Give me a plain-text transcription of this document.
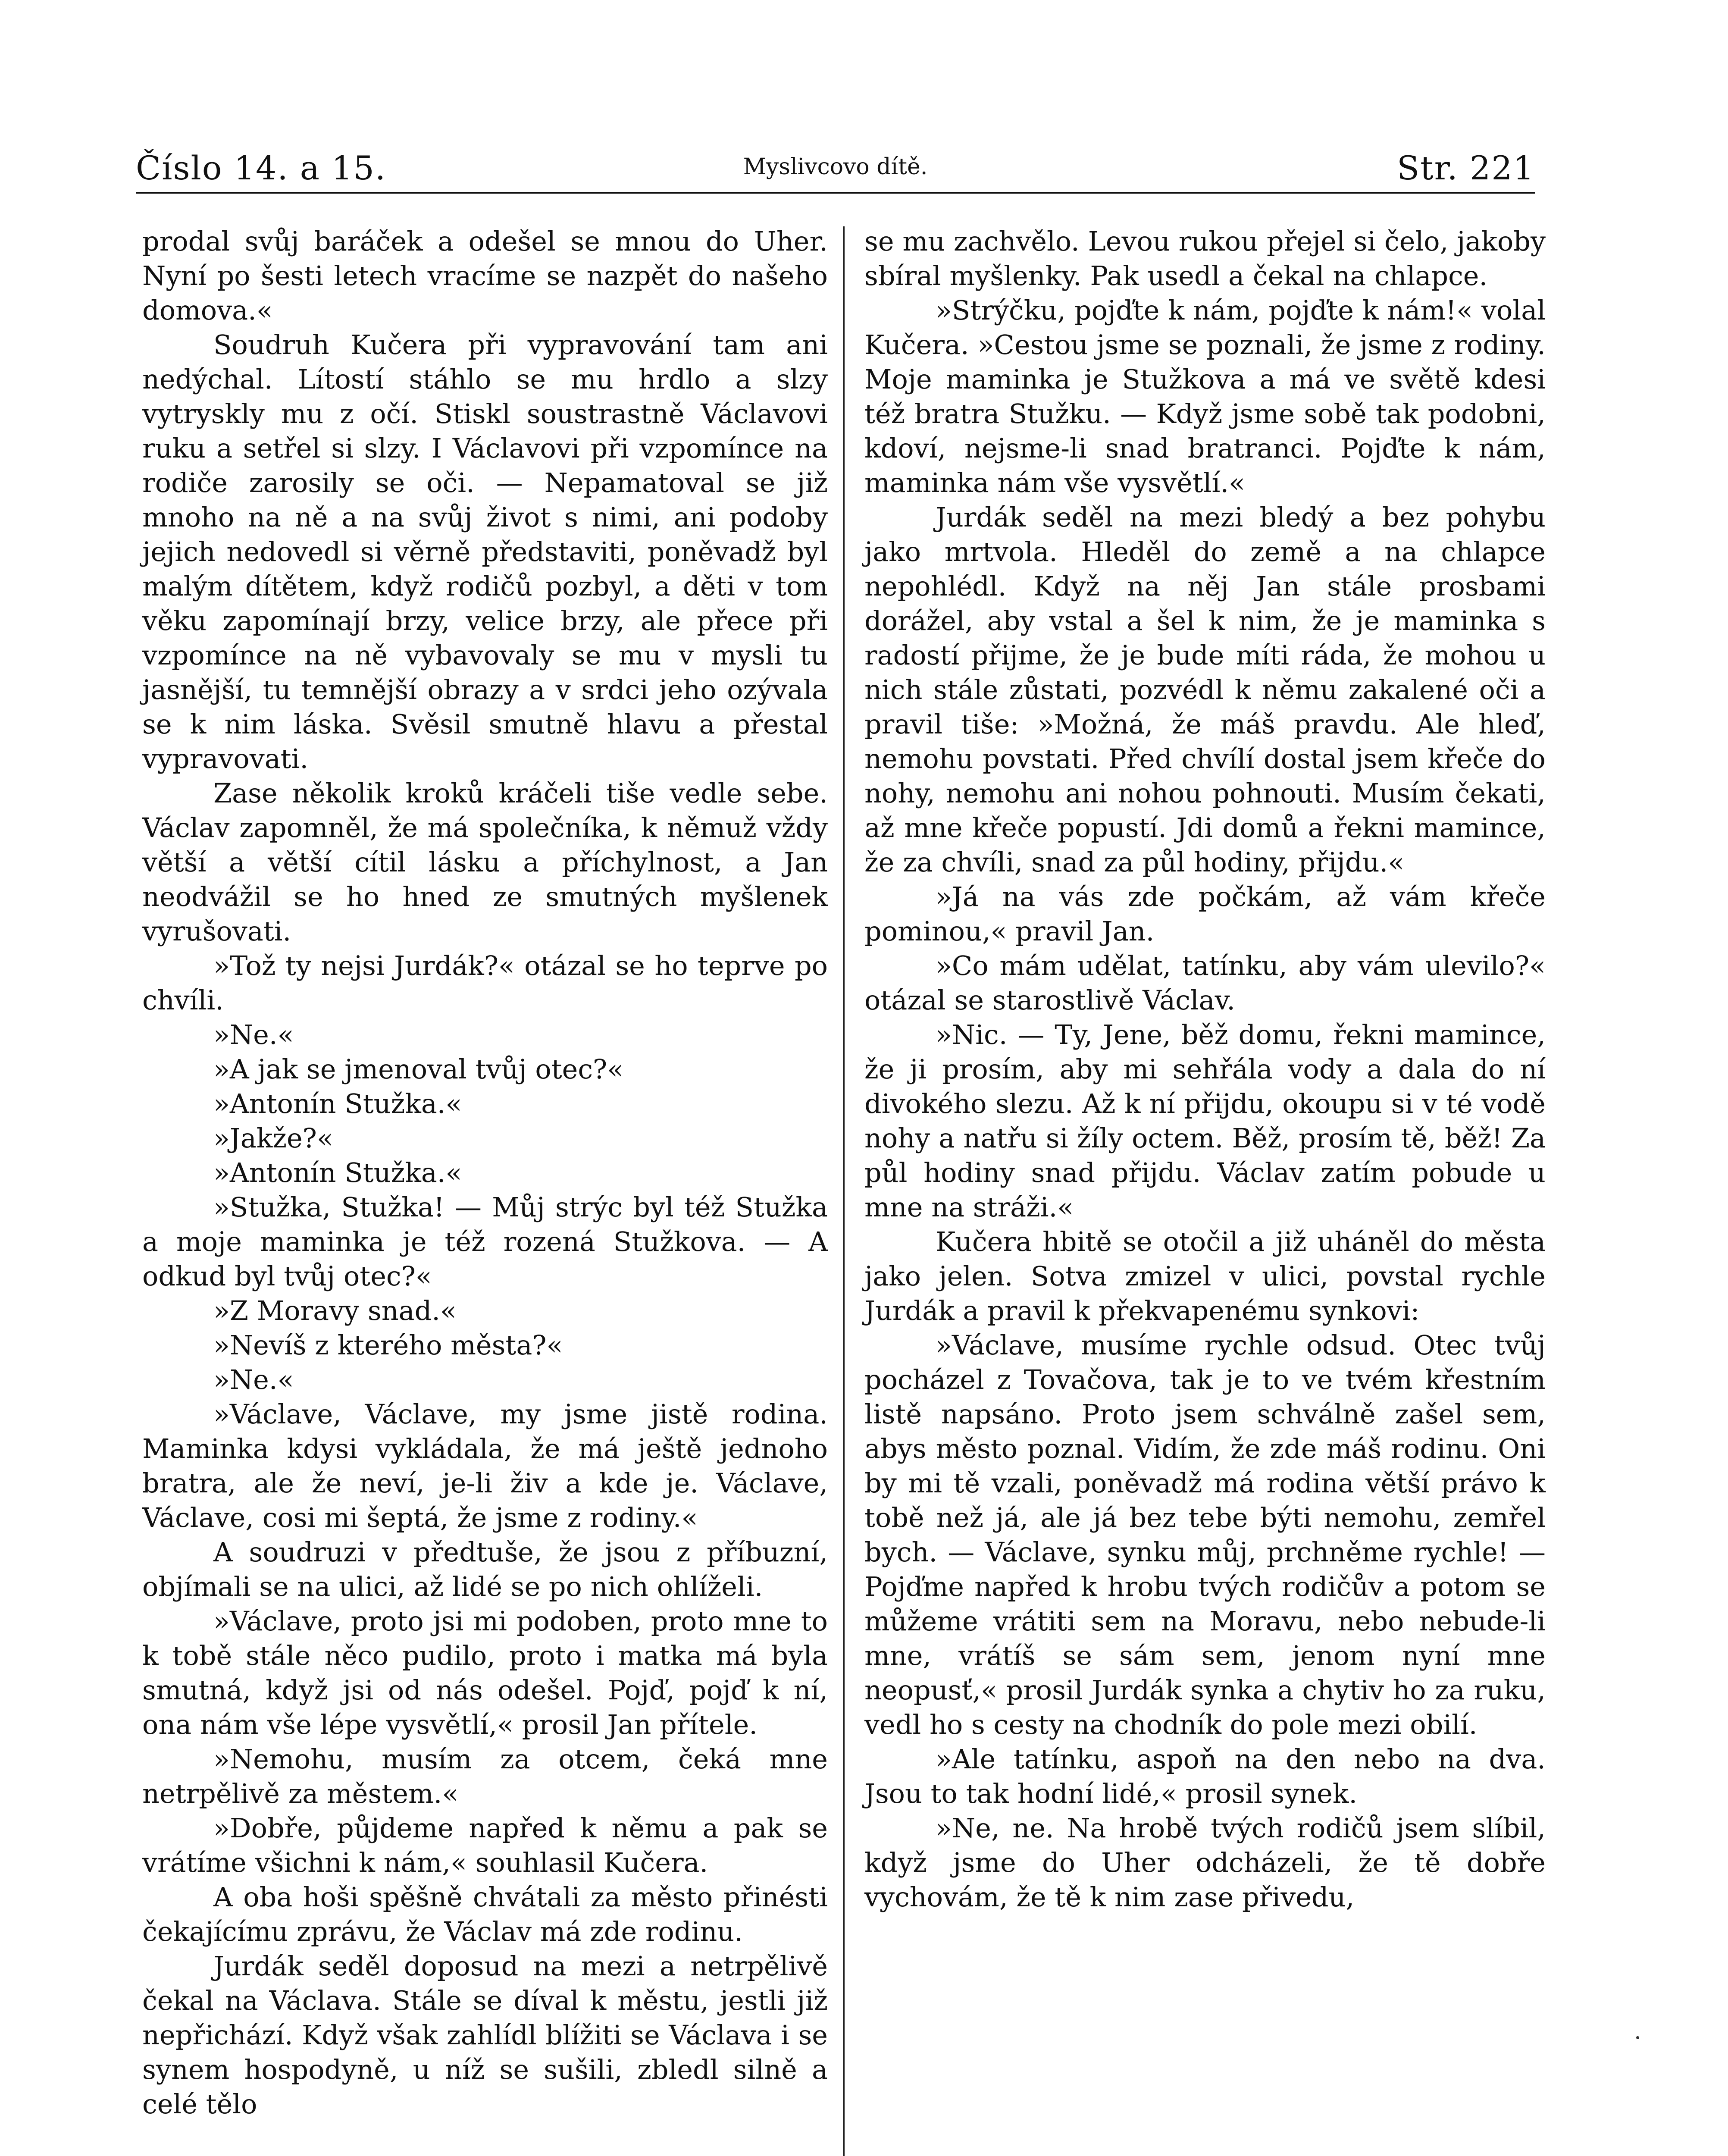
Číslo 14. a 15.	Myslivcovo dítě.	Str. 221

prodal svůj baráček a odešel se mnou do Uher. Nyní po šesti letech vracíme se nazpět do našeho domova.«

Soudruh Kučera při vypravování tam ani nedýchal. Lítostí stáhlo se mu hrdlo a slzy vytryskly mu z očí. Stiskl soustrastně Václavovi ruku a setřel si slzy. I Václavovi při vzpomínce na rodiče zarosily se oči. — Nepamatoval se již mnoho na ně a na svůj život s nimi, ani podoby jejich nedovedl si věrně představiti, poněvadž byl malým dítětem, když rodičů pozbyl, a děti v tom věku zapomínají brzy, velice brzy, ale přece při vzpomínce na ně vybavovaly se mu v mysli tu jasnější, tu temnější obrazy a v srdci jeho ozývala se k nim láska. Svěsil smutně hlavu a přestal vypravovati.

Zase několik kroků kráčeli tiše vedle sebe. Václav zapomněl, že má společníka, k němuž vždy větší a větší cítil lásku a příchylnost, a Jan neodvážil se ho hned ze smutných myšlenek vyrušovati.

»Tož ty nejsi Jurdák?« otázal se ho teprve po chvíli.

»Ne.«

»A jak se jmenoval tvůj otec?«

»Antonín Stužka.«

»Jakže?«

»Antonín Stužka.«

»Stužka, Stužka! — Můj strýc byl též Stužka a moje maminka je též rozená Stužkova. — A odkud byl tvůj otec?«

»Z Moravy snad.«

»Nevíš z kterého města?«

»Ne.«

»Václave, Václave, my jsme jistě rodina. Maminka kdysi vykládala, že má ještě jednoho bratra, ale že neví, je-li živ a kde je. Václave, Václave, cosi mi šeptá, že jsme z rodiny.«

A soudruzi v předtuše, že jsou z příbuzní, objímali se na ulici, až lidé se po nich ohlíželi.

»Václave, proto jsi mi podoben, proto mne to k tobě stále něco pudilo, proto i matka má byla smutná, když jsi od nás odešel. Pojď, pojď k ní, ona nám vše lépe vysvětlí,« prosil Jan přítele.

»Nemohu, musím za otcem, čeká mne netrpělivě za městem.«

»Dobře, půjdeme napřed k němu a pak se vrátíme všichni k nám,« souhlasil Kučera.

A oba hoši spěšně chvátali za město přinésti čekajícímu zprávu, že Václav má zde rodinu.

Jurdák seděl doposud na mezi a netrpělivě čekal na Václava. Stále se díval k městu, jestli již nepřichází. Když však zahlídl blížiti se Václava i se synem hospodyně, u níž se sušili, zbledl silně a celé tělo

se mu zachvělo. Levou rukou přejel si čelo, jakoby sbíral myšlenky. Pak usedl a čekal na chlapce.

»Strýčku, pojďte k nám, pojďte k nám!« volal Kučera. »Cestou jsme se poznali, že jsme z rodiny. Moje maminka je Stužkova a má ve světě kdesi též bratra Stužku. — Když jsme sobě tak podobni, kdoví, nejsme-li snad bratranci. Pojďte k nám, maminka nám vše vysvětlí.«

Jurdák seděl na mezi bledý a bez pohybu jako mrtvola. Hleděl do země a na chlapce nepohlédl. Když na něj Jan stále prosbami dorážel, aby vstal a šel k nim, že je maminka s radostí přijme, že je bude míti ráda, že mohou u nich stále zůstati, pozvédl k němu zakalené oči a pravil tiše: »Možná, že máš pravdu. Ale hleď, nemohu povstati. Před chvílí dostal jsem křeče do nohy, nemohu ani nohou pohnouti. Musím čekati, až mne křeče popustí. Jdi domů a řekni mamince, že za chvíli, snad za půl hodiny, přijdu.«

»Já na vás zde počkám, až vám křeče pominou,« pravil Jan.

»Co mám udělat, tatínku, aby vám ulevilo?« otázal se starostlivě Václav.

»Nic. — Ty, Jene, běž domu, řekni mamince, že ji prosím, aby mi sehřála vody a dala do ní divokého slezu. Až k ní přijdu, okoupu si v té vodě nohy a natřu si žíly octem. Běž, prosím tě, běž! Za půl hodiny snad přijdu. Václav zatím pobude u mne na stráži.«

Kučera hbitě se otočil a již uháněl do města jako jelen. Sotva zmizel v ulici, povstal rychle Jurdák a pravil k překvapenému synkovi:

»Václave, musíme rychle odsud. Otec tvůj pocházel z Tovačova, tak je to ve tvém křestním listě napsáno. Proto jsem schválně zašel sem, abys město poznal. Vidím, že zde máš rodinu. Oni by mi tě vzali, poněvadž má rodina větší právo k tobě než já, ale já bez tebe býti nemohu, zemřel bych. — Václave, synku můj, prchněme rychle! — Pojďme napřed k hrobu tvých rodičův a potom se můžeme vrátiti sem na Moravu, nebo nebude-li mne, vrátíš se sám sem, jenom nyní mne neopusť,« prosil Jurdák synka a chytiv ho za ruku, vedl ho s cesty na chodník do pole mezi obilí.

»Ale tatínku, aspoň na den nebo na dva. Jsou to tak hodní lidé,« prosil synek.

»Ne, ne. Na hrobě tvých rodičů jsem slíbil, když jsme do Uher odcházeli, že tě dobře vychovám, že tě k nim zase přivedu,
